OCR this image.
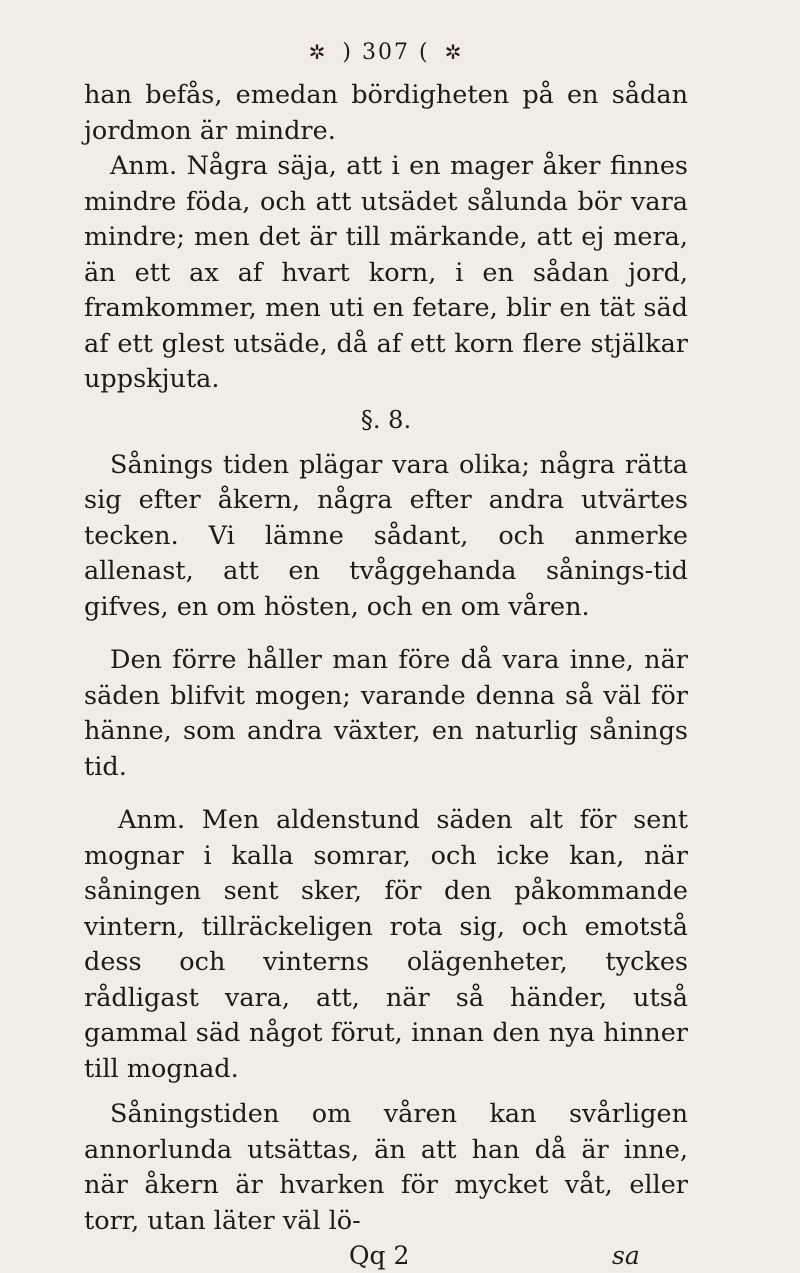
✲ ) 307 ( ✲

han befås, emedan bördigheten på en sådan jordmon är mindre.

Anm. Några säja, att i en mager åker finnes mindre föda, och att utsädet sålunda bör vara mindre; men det är till märkande, att ej mera, än ett ax af hvart korn, i en sådan jord, framkommer, men uti en fetare, blir en tät säd af ett glest utsäde, då af ett korn flere stjälkar uppskjuta.

§. 8.

Sånings tiden plägar vara olika; några rätta sig efter åkern, några efter andra utvärtes tecken. Vi lämne sådant, och anmerke allenast, att en tvåggehanda sånings-tid gifves, en om hösten, och en om våren.

Den förre håller man före då vara inne, när säden blifvit mogen; varande denna så väl för hänne, som andra växter, en naturlig sånings tid.

Anm. Men aldenstund säden alt för sent mognar i kalla somrar, och icke kan, när såningen sent sker, för den påkommande vintern, tillräckeligen rota sig, och emotstå dess och vinterns olägenheter, tyckes rådligast vara, att, när så händer, utså gammal säd något förut, innan den nya hinner till mognad.

Såningstiden om våren kan svårligen annorlunda utsättas, än att han då är inne, när åkern är hvarken för mycket våt, eller torr, utan läter väl lö-

Qq 2	sa
